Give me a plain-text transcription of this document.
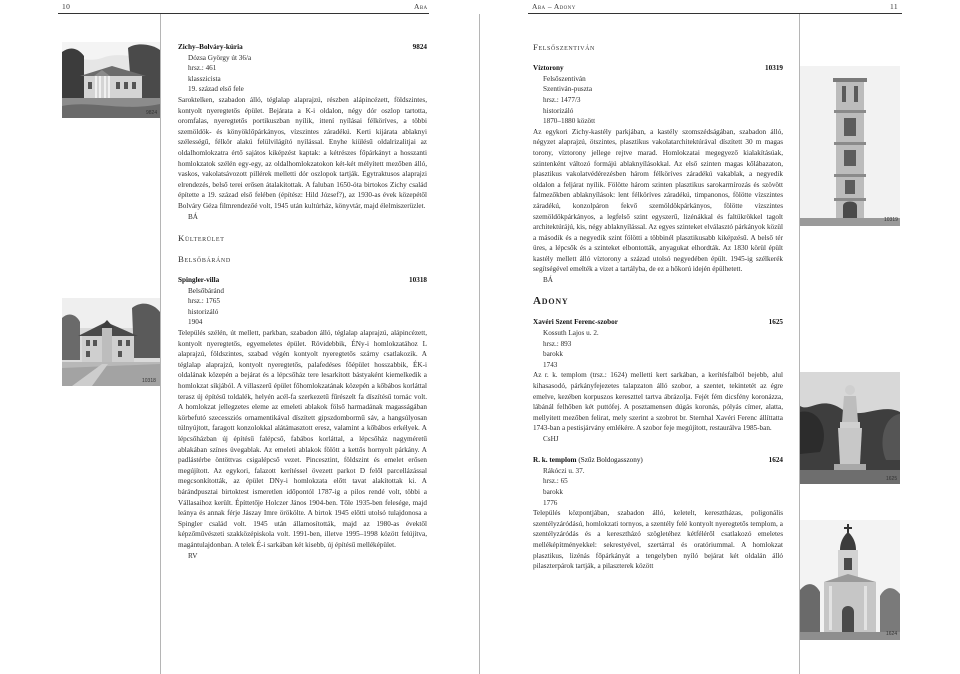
10	Aba	Aba – Adony	11
9824
10318
10319
1625
1624
Zichy–Bolváry-kúria	9824
Dózsa György út 36/a
hrsz.: 461
klasszicista
19. század első fele

Saroktelken, szabadon álló, téglalap alaprajzú, részben alápincézett, földszintes, kontyolt nyeregtetős épület. Bejárata a K-i oldalon, négy dór oszlop tartotta, oromfalas, nyeregtetős portikuszban nyílik, ittení nyílásai félköríves, a többi szemöldök- és könyöklőpárkányos, vízszintes záradékú. Kerti kijárata ablaknyi szélességű, félkör alakú felülvilágító nyílással. Enyhe kiülésű oldalrizalitjai az oldalhomlokzatra értő sajátos kiképzést kaptak: a kétrészes főpárkányt a hosszanti homlokzatok szélén egy-egy, az oldalhomlokzatokon két-két mélyített mezőben álló, vaskos, vakolatsávozott pillérek melletti dór oszlopok tartják. Egytraktusos alaprajzi elrendezés, belső terei erősen átalakítottak. A faluban 1650-óta birtokos Zichy család építette a 19. század első felében (építész: Hild József?), az 1930-as évek közepétől Bolváry Géza filmrendezőé volt, 1945 után kultúrház, könyvtár, majd élelmiszerüzlet.

BÁ
Külterület
Belsőbáránd
Spingler-villa	10318
Belsőbáránd
hrsz.: 1765
historizáló
1904

Település szélén, út mellett, parkban, szabadon álló, téglalap alaprajzú, alápincézett, kontyolt nyeregtetős, egyemeletes épület. Rövidebbik, ÉNy-i homlokzatához L alaprajzú, földszintes, szabad végén kontyolt nyeregtetős szárny csatlakozik. A téglalap alaprajzú, kontyolt nyeregtetős, palafedéses főépület hosszabbik, ÉK-i oldalának közepén a bejárat és a lépcsőház tere lesarkított bástyaként kiemelkedik a homlokzat síkjából. A villaszerű épület főhomlokzatának közepén a kőbábos korláttal terasz új építésű toldalék, helyén acél-fa szerkezetű fűrészelt fa díszítésű tornác volt. A homlokzat jellegzetes eleme az emeleti ablakok fölső harmadának magasságában körbefutó szecessziós ornamentikával díszített gipszdombormű sáv, a hangsúlyosan túlnyújtott, faragott konzolokkal alátámasztott eresz, valamint a kőbábos erkélyek. A lépcsőházban új építésű falépcső, fabábos korláttal, a lépcsőház nagyméretű ablakában színes üvegablak. Az emeleti ablakok fölött a kettős hornyolt párkány. A padlástérbe öntöttvas csigalépcső vezet. Pincesztint, földszint és emelet erősen megújított. Az egykori, falazott kerítéssel övezett parkot D felől parcellázással megcsonkították, az épület DNy-i homlokzata előtt tavat alakítottak ki. A bárándpusztai birtoktest ismeretlen időpontól 1787-ig a pilos rendé volt, többi a Vállasaihoz került. Építtetője Holczer János 1904-ben. Tőle 1935-ben felesége, majd leánya és annak férje Jászay Imre örökölte. A birtok 1945 előtti utolsó tulajdonosa a Spingler család volt. 1945 után államosították, majd az 1980-as évektől képzőművészeti szakközépiskola volt. 1991-ben, illetve 1995–1998 között felújítva, magántulajdonban. A telek É-i sarkában két kisebb, új építésű melléképület.

RV
Felsőszentiván
Víztorony	10319
Felsőszentiván
Szentiván-puszta
hrsz.: 1477/3
historizáló
1870–1880 között

Az egykori Zichy-kastély parkjában, a kastély szomszédságában, szabadon álló, négyzet alaprajzú, ötszintes, plasztikus vakolatarchitektúrával díszített 30 m magas torony, víztorony jellege rejtve marad. Homlokzatai megegyező kialakításúak, szintenként változó formájú ablaknyílásokkal. Az első szinten magas kőlábazaton, plasztikus vakolatvédérezésben három félköríves záradékú vakablak, a negyedik oldalon a feljárat nyílik. Fölötte három szinten plasztikus sarokarmírozás és szövött falmezőkben ablaknyílások: lent félköríves záradékú, timpanonos, fölötte vízszintes záradékú, konzolpáron fekvő szemöldökpárkányos, fölötte vízszintes szemöldökpárkányos, a legfelső szint egyszerű, lizénákkal és faltükrökkel tagolt architektúrájú, kis, négy ablaknyílással. Az egyes szinteket elválasztó párkányok közül a második és a negyedik szint fölötti a többinél plasztikusabb kiképzésű. A belső tér üres, a lépcsők és a szinteket elbontották, anyagukat elhordták. Az 1830 körül épült kastély mellett álló víztorony a század utolsó negyedében épült. 1945-ig szélkerék segítségével emelték a vizet a tartályba, de ez a hőkorú idején épülhetett.

BÁ
Adony
Xavéri Szent Ferenc-szobor	1625
Kossuth Lajos u. 2.
hrsz.: 893
barokk
1743

Az r. k. templom (trsz.: 1624) melletti kert sarkában, a kerítésfalból bejebb, alul kihasasodó, párkányfejezetes talapzaton álló szobor, a szentet, tekintetét az égre emelve, kezében korpuszos kereszttel tartva ábrázolja. Fejét fém dicsfény koronázza, lábánál felhőben két puttófej. A posztamensen dúgás koronás, pólyás címer, alatta, mellyitett mezőben felirat, mely szerint a szobrot br. Sternhal Xavéri Ferenc állíttatta 1743-ban a pestisjárvány emlékére. A szobor feje megújított, restaurálva 1985-ban.

CsHJ
R. k. templom (Szűz Boldogasszony)	1624
Rákóczi u. 37.
hrsz.: 65
barokk
1776

Település központjában, szabadon álló, keletelt, keresztházas, poligonális szentélyzáródású, homlokzati tornyos, a szentély felé kontyolt nyeregtetős templom, a szentélyzáródás és a keresztházó szögletéhez kétféléről csatlakozó emeletes melléképítményekkel: sekrestyével, szertárral és oratóriummal. A homlokzat plasztikus, lizénás főpárkányát a tengelyben nyíló bejárat két oldalán álló pilaszterpárok tartják, a pilaszterek között
